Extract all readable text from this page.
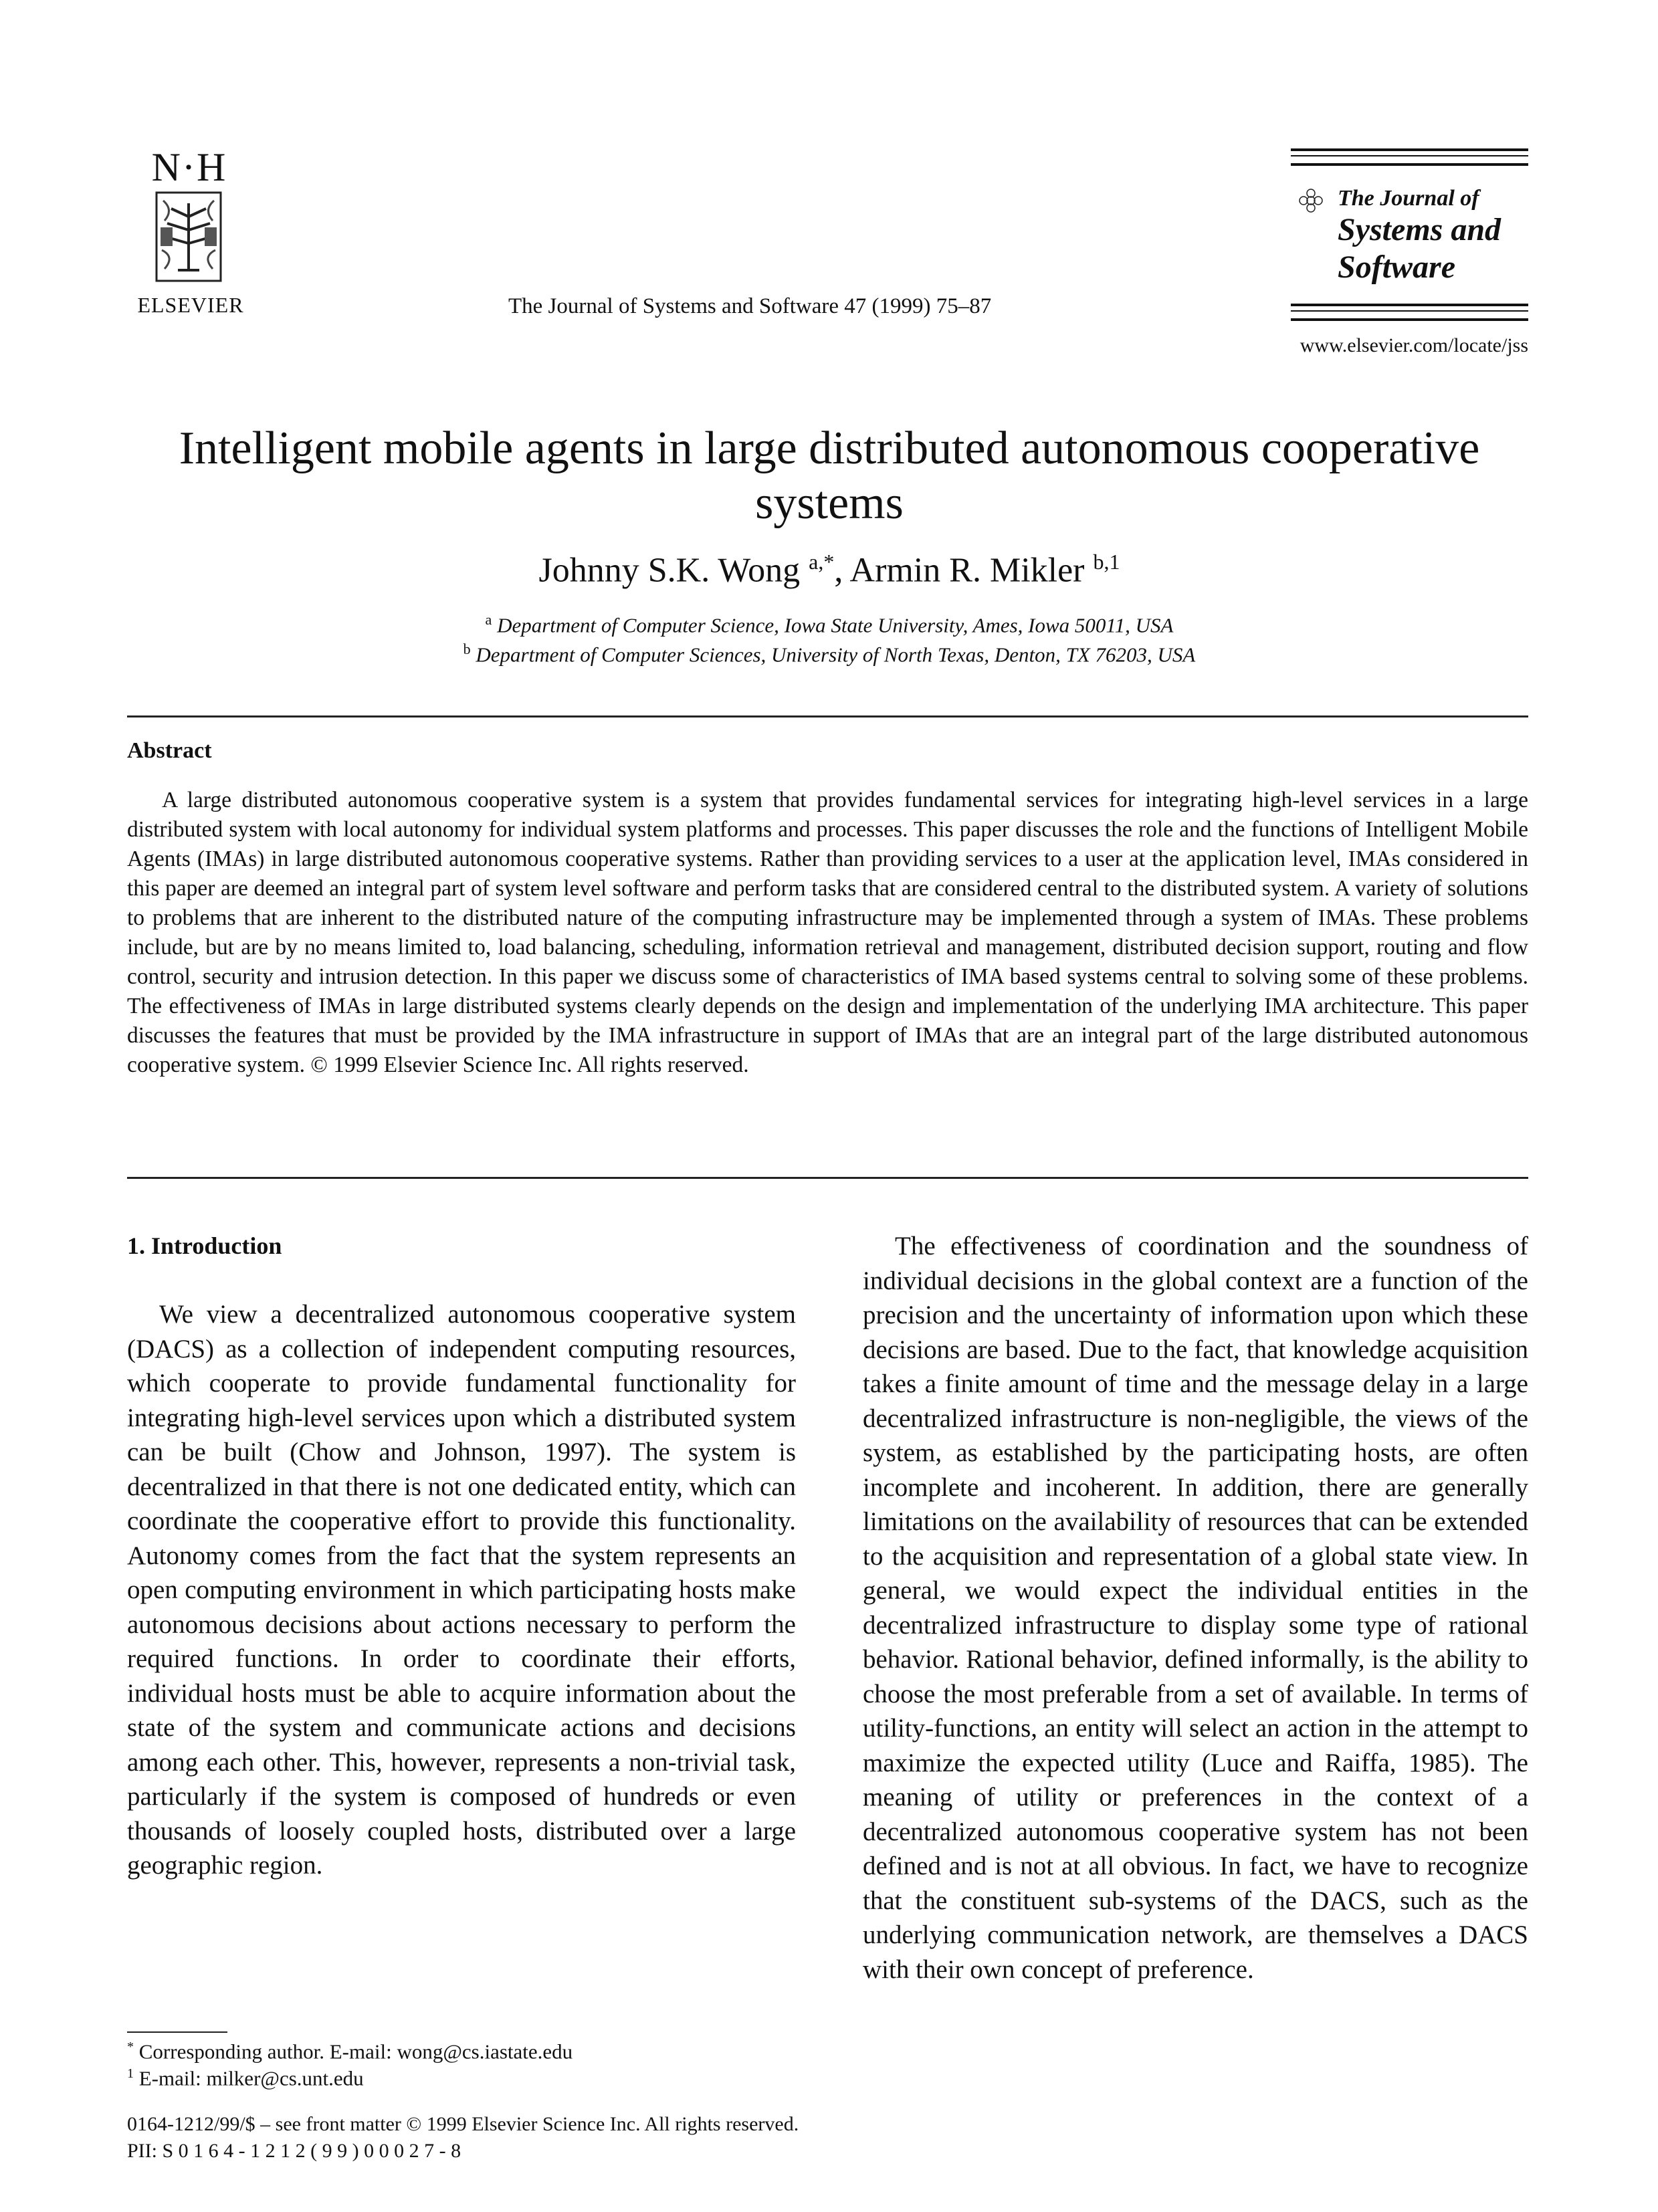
N·H
ELSEVIER	The Journal of Systems and Software 47 (1999) 75–87
The Journal of
Systems and
Software
www.elsevier.com/locate/jss
Intelligent mobile agents in large distributed autonomous cooperative systems
Johnny S.K. Wong $^{a,*}$, Armin R. Mikler $^{b,1}$
$^a$ Department of Computer Science, Iowa State University, Ames, Iowa 50011, USA
$^b$ Department of Computer Sciences, University of North Texas, Denton, TX 76203, USA
Abstract

A large distributed autonomous cooperative system is a system that provides fundamental services for integrating high-level services in a large distributed system with local autonomy for individual system platforms and processes. This paper discusses the role and the functions of Intelligent Mobile Agents (IMAs) in large distributed autonomous cooperative systems. Rather than providing services to a user at the application level, IMAs considered in this paper are deemed an integral part of system level software and perform tasks that are considered central to the distributed system. A variety of solutions to problems that are inherent to the distributed nature of the computing infrastructure may be implemented through a system of IMAs. These problems include, but are by no means limited to, load balancing, scheduling, information retrieval and management, distributed decision support, routing and flow control, security and intrusion detection. In this paper we discuss some of characteristics of IMA based systems central to solving some of these problems. The effectiveness of IMAs in large distributed systems clearly depends on the design and implementation of the underlying IMA architecture. This paper discusses the features that must be provided by the IMA infrastructure in support of IMAs that are an integral part of the large distributed autonomous cooperative system. © 1999 Elsevier Science Inc. All rights reserved.

1. Introduction

We view a decentralized autonomous cooperative system (DACS) as a collection of independent computing resources, which cooperate to provide fundamental functionality for integrating high-level services upon which a distributed system can be built (Chow and Johnson, 1997). The system is decentralized in that there is not one dedicated entity, which can coordinate the cooperative effort to provide this functionality. Autonomy comes from the fact that the system represents an open computing environment in which participating hosts make autonomous decisions about actions necessary to perform the required functions. In order to coordinate their efforts, individual hosts must be able to acquire information about the state of the system and communicate actions and decisions among each other. This, however, represents a non-trivial task, particularly if the system is composed of hundreds or even thousands of loosely coupled hosts, distributed over a large geographic region.

The effectiveness of coordination and the soundness of individual decisions in the global context are a function of the precision and the uncertainty of information upon which these decisions are based. Due to the fact, that knowledge acquisition takes a finite amount of time and the message delay in a large decentralized infrastructure is non-negligible, the views of the system, as established by the participating hosts, are often incomplete and incoherent. In addition, there are generally limitations on the availability of resources that can be extended to the acquisition and representation of a global state view. In general, we would expect the individual entities in the decentralized infrastructure to display some type of rational behavior. Rational behavior, defined informally, is the ability to choose the most preferable from a set of available. In terms of utility-functions, an entity will select an action in the attempt to maximize the expected utility (Luce and Raiffa, 1985). The meaning of utility or preferences in the context of a decentralized autonomous cooperative system has not been defined and is not at all obvious. In fact, we have to recognize that the constituent sub-systems of the DACS, such as the underlying communication network, are themselves a DACS with their own concept of preference.

* Corresponding author. E-mail: wong@cs.iastate.edu
$^1$ E-mail: milker@cs.unt.edu
0164-1212/99/$ – see front matter © 1999 Elsevier Science Inc. All rights reserved.
PII: S 0 1 6 4 - 1 2 1 2 ( 9 9 ) 0 0 0 2 7 - 8
